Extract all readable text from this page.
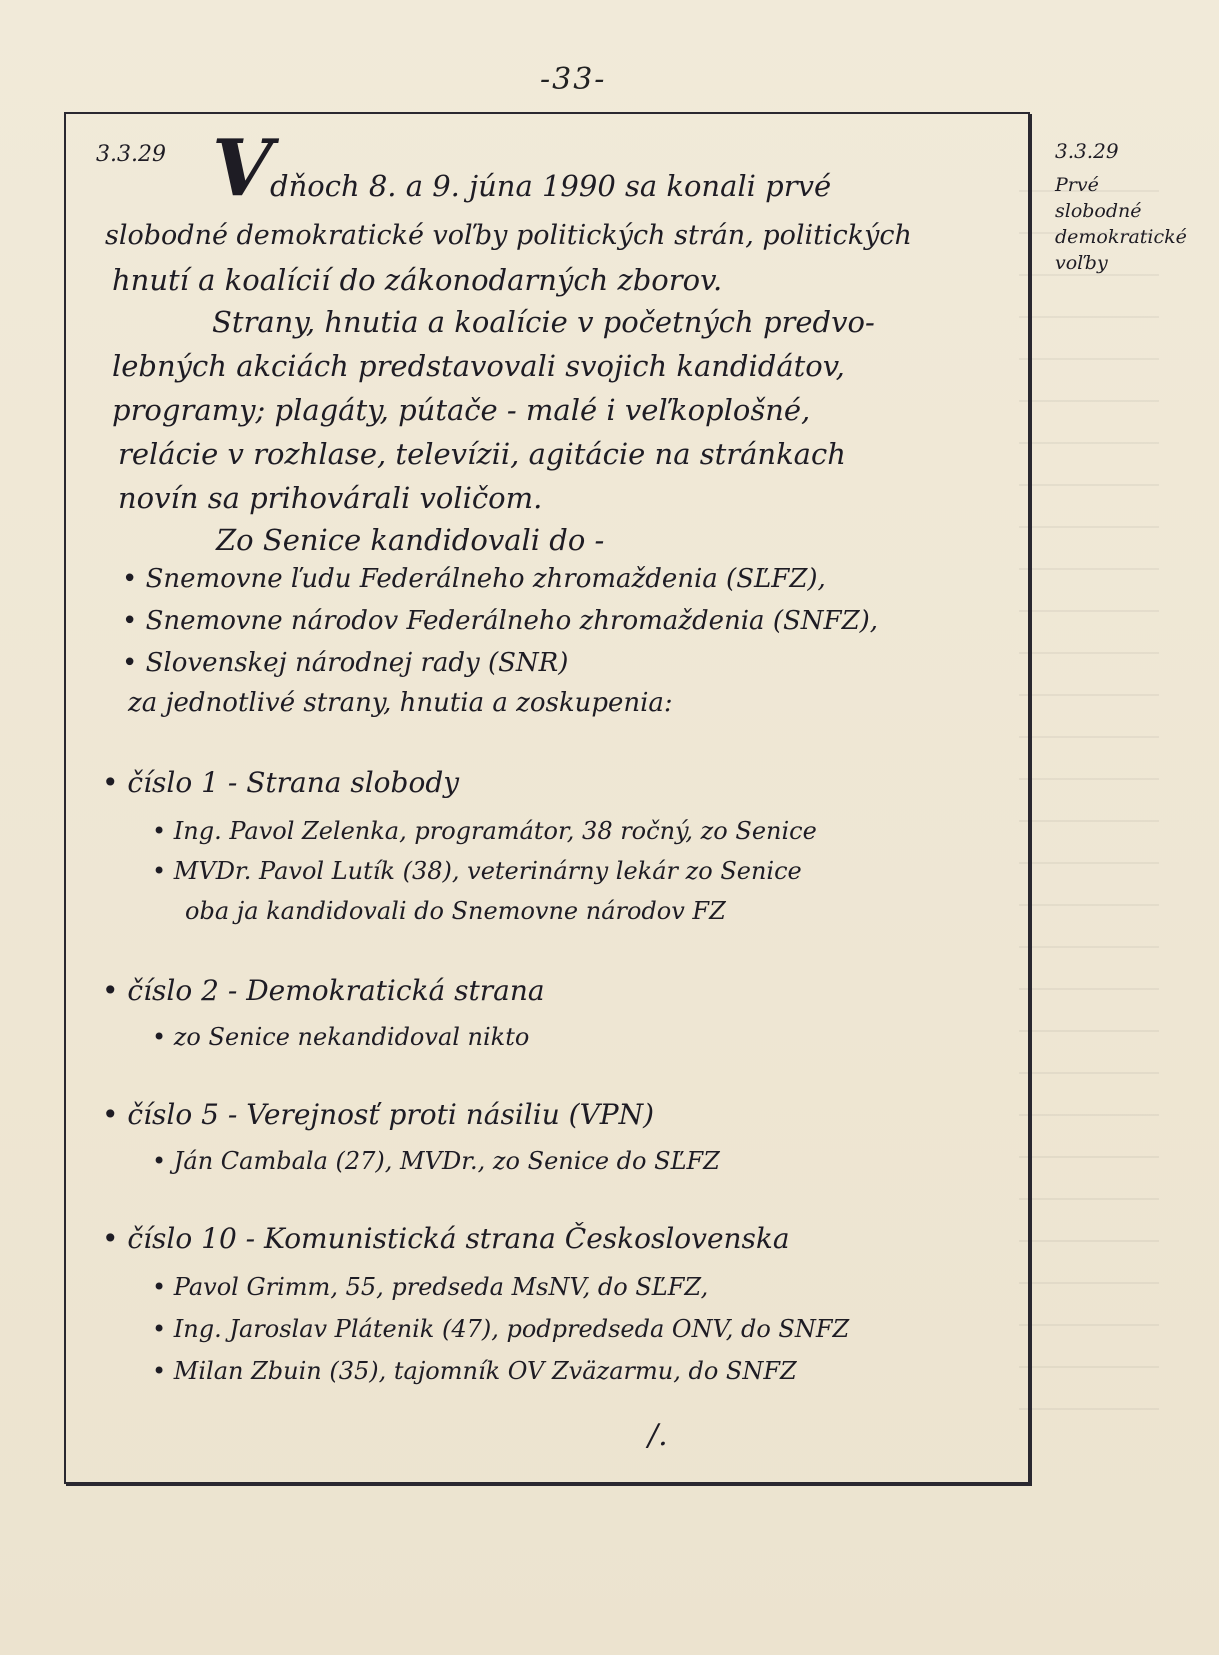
-33-
3.3.29	3.3.29
Prvé
slobodné
demokratické
voľby
V
dňoch 8. a 9. júna 1990 sa konali prvé
slobodné demokratické voľby politických strán, politických
hnutí a koalícií do zákonodarných zborov.
Strany, hnutia a koalície v početných predvo-
lebných akciách predstavovali svojich kandidátov,
programy; plagáty, pútače - malé i veľkoplošné,
relácie v rozhlase, televízii, agitácie na stránkach
novín sa prihovárali voličom.
Zo Senice kandidovali do -
• Snemovne ľudu Federálneho zhromaždenia (SĽFZ),
• Snemovne národov Federálneho zhromaždenia (SNFZ),
• Slovenskej národnej rady (SNR)
za jednotlivé strany, hnutia a zoskupenia:
• číslo 1 - Strana slobody
• Ing. Pavol Zelenka, programátor, 38 ročný, zo Senice
• MVDr. Pavol Lutík (38), veterinárny lekár zo Senice
oba ja kandidovali do Snemovne národov FZ
• číslo 2 - Demokratická strana
• zo Senice nekandidoval nikto
• číslo 5 - Verejnosť proti násiliu (VPN)
• Ján Cambala (27), MVDr., zo Senice do SĽFZ
• číslo 10 - Komunistická strana Československa
• Pavol Grimm, 55, predseda MsNV, do SĽFZ,
• Ing. Jaroslav Plátenik (47), podpredseda ONV, do SNFZ
• Milan Zbuin (35), tajomník OV Zväzarmu, do SNFZ
/.
